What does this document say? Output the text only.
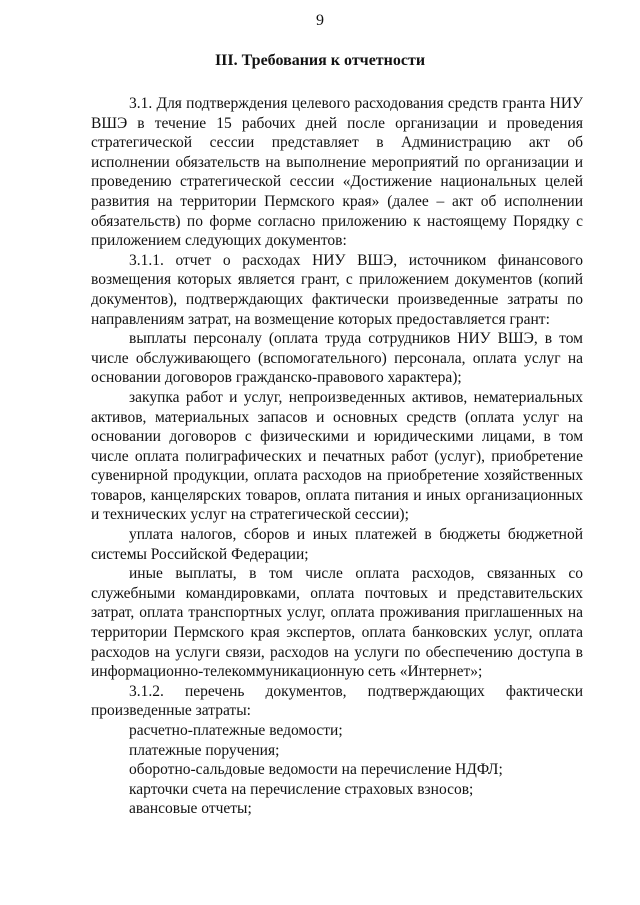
9
III. Требования к отчетности

3.1. Для подтверждения целевого расходования средств гранта НИУ ВШЭ в течение 15 рабочих дней после организации и проведения стратегической сессии представляет в Администрацию акт об исполнении обязательств на выполнение мероприятий по организации и проведению стратегической сессии «Достижение национальных целей развития на территории Пермского края» (далее – акт об исполнении обязательств) по форме согласно приложению к настоящему Порядку с приложением следующих документов:

3.1.1. отчет о расходах НИУ ВШЭ, источником финансового возмещения которых является грант, с приложением документов (копий документов), подтверждающих фактически произведенные затраты по направлениям затрат, на возмещение которых предоставляется грант:

выплаты персоналу (оплата труда сотрудников НИУ ВШЭ, в том числе обслуживающего (вспомогательного) персонала, оплата услуг на основании договоров гражданско-правового характера);

закупка работ и услуг, непроизведенных активов, нематериальных активов, материальных запасов и основных средств (оплата услуг на основании договоров с физическими и юридическими лицами, в том числе оплата полиграфических и печатных работ (услуг), приобретение сувенирной продукции, оплата расходов на приобретение хозяйственных товаров, канцелярских товаров, оплата питания и иных организационных и технических услуг на стратегической сессии);

уплата налогов, сборов и иных платежей в бюджеты бюджетной системы Российской Федерации;

иные выплаты, в том числе оплата расходов, связанных со служебными командировками, оплата почтовых и представительских затрат, оплата транспортных услуг, оплата проживания приглашенных на территории Пермского края экспертов, оплата банковских услуг, оплата расходов на услуги связи, расходов на услуги по обеспечению доступа в информационно-телекоммуникационную сеть «Интернет»;

3.1.2. перечень документов, подтверждающих фактически произведенные затраты:

расчетно-платежные ведомости;

платежные поручения;

оборотно-сальдовые ведомости на перечисление НДФЛ;

карточки счета на перечисление страховых взносов;

авансовые отчеты;
